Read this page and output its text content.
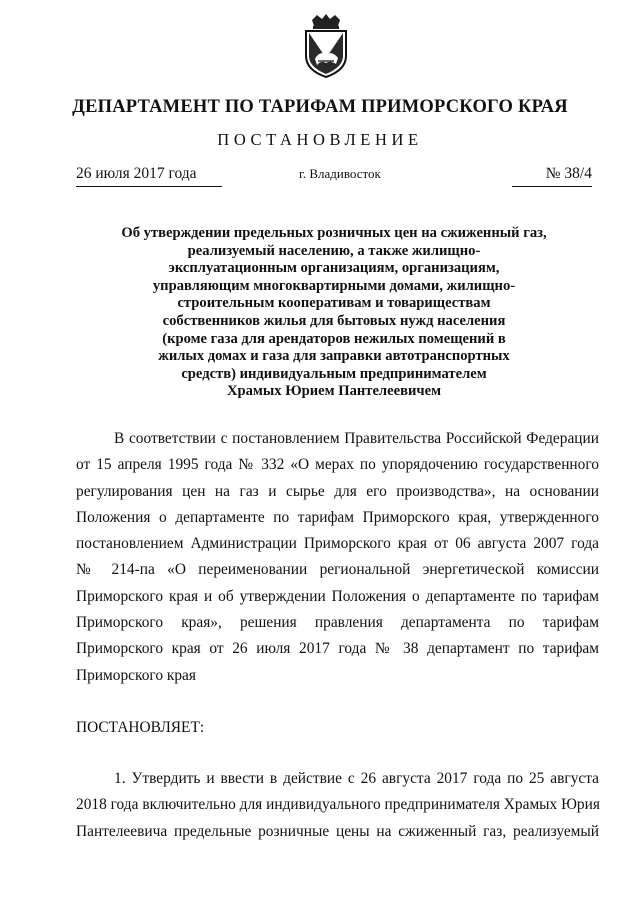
ДЕПАРТАМЕНТ ПО ТАРИФАМ ПРИМОРСКОГО КРАЯ
ПОСТАНОВЛЕНИЕ
26 июля 2017 года	г. Владивосток	№ 38/4
Об утверждении предельных розничных цен на сжиженный газ,
реализуемый населению, а также жилищно-
эксплуатационным организациям, организациям,
управляющим многоквартирными домами, жилищно-
строительным кооперативам и товариществам
собственников жилья для бытовых нужд населения
(кроме газа для арендаторов нежилых помещений в
жилых домах и газа для заправки автотранспортных
средств) индивидуальным предпринимателем
Храмых Юрием Пантелеевичем
В соответствии с постановлением Правительства Российской Федерации
от 15 апреля 1995 года № 332 «О мерах по упорядочению государственного
регулирования цен на газ и сырье для его производства», на основании
Положения о департаменте по тарифам Приморского края, утвержденного
постановлением Администрации Приморского края от 06 августа 2007 года
№ 214-па «О переименовании региональной энергетической комиссии
Приморского края и об утверждении Положения о департаменте по тарифам
Приморского края», решения правления департамента по тарифам
Приморского края от 26 июля 2017 года № 38 департамент по тарифам
Приморского края
ПОСТАНОВЛЯЕТ:
1. Утвердить и ввести в действие с 26 августа 2017 года по 25 августа
2018 года включительно для индивидуального предпринимателя Храмых Юрия
Пантелеевича предельные розничные цены на сжиженный газ, реализуемый
